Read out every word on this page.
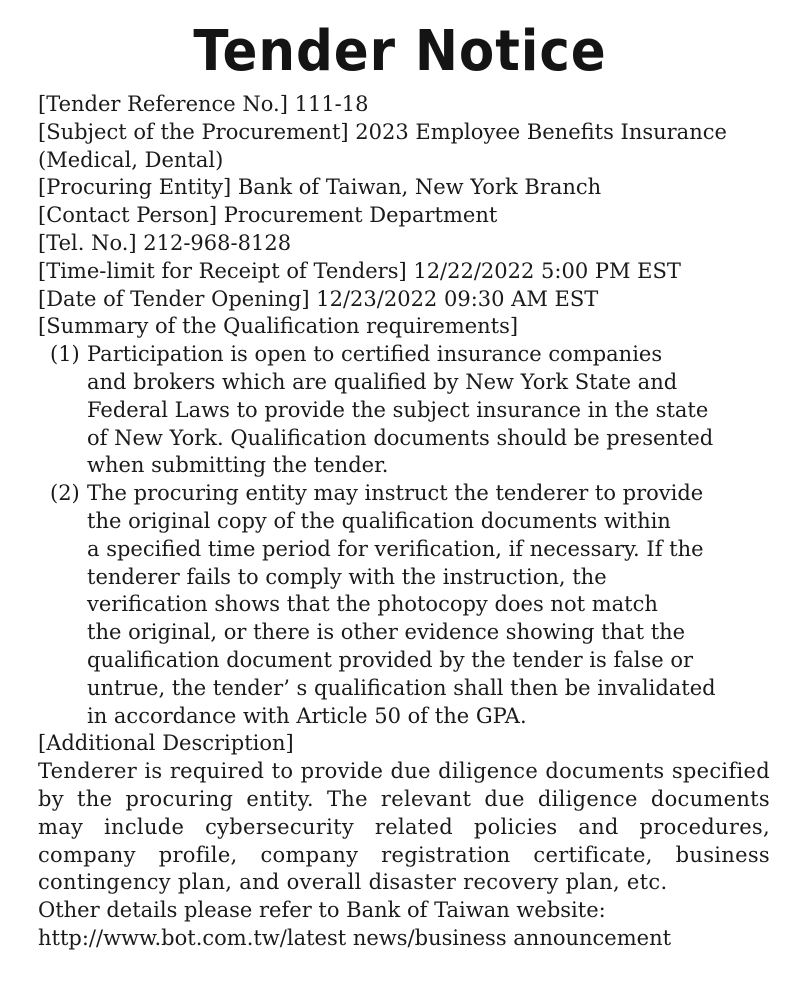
Tender Notice
[Tender Reference No.] 111-18
[Subject of the Procurement] 2023 Employee Benefits Insurance
(Medical, Dental)
[Procuring Entity] Bank of Taiwan, New York Branch
[Contact Person] Procurement Department
[Tel. No.] 212-968-8128
[Time-limit for Receipt of Tenders] 12/22/2022 5:00 PM EST
[Date of Tender Opening] 12/23/2022 09:30 AM EST
[Summary of the Qualification requirements]
(1) Participation is open to certified insurance companies
and brokers which are qualified by New York State and
Federal Laws to provide the subject insurance in the state
of New York. Qualification documents should be presented
when submitting the tender.
(2) The procuring entity may instruct the tenderer to provide
the original copy of the qualification documents within
a specified time period for verification, if necessary. If the
tenderer fails to comply with the instruction, the
verification shows that the photocopy does not match
the original, or there is other evidence showing that the
qualification document provided by the tender is false or
untrue, the tender’ s qualification shall then be invalidated
in accordance with Article 50 of the GPA.
[Additional Description]
Tenderer is required to provide due diligence documents specified by the procuring entity. The relevant due diligence documents may include cybersecurity related policies and procedures, company profile, company registration certificate, business contingency plan, and overall disaster recovery plan, etc.
Other details please refer to Bank of Taiwan website:
http://www.bot.com.tw/latest news/business announcement
